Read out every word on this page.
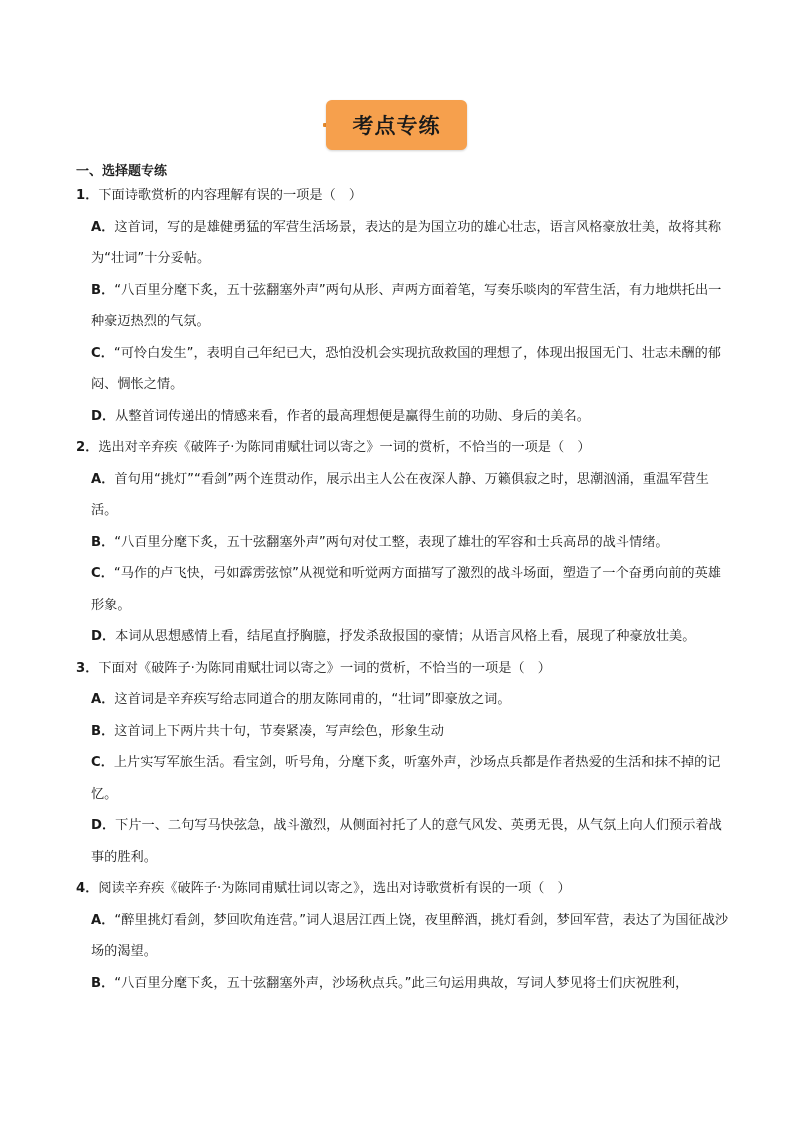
考点专练
一、选择题专练
1．下面诗歌赏析的内容理解有误的一项是（　）
A．这首词，写的是雄健勇猛的军营生活场景，表达的是为国立功的雄心壮志，语言风格豪放壮美，故将其称为“壮词”十分妥帖。
B．“八百里分麾下炙，五十弦翻塞外声”两句从形、声两方面着笔，写奏乐啖肉的军营生活，有力地烘托出一种豪迈热烈的气氛。
C．“可怜白发生”，表明自己年纪已大，恐怕没机会实现抗敌救国的理想了，体现出报国无门、壮志未酬的郁闷、惆怅之情。
D．从整首词传递出的情感来看，作者的最高理想便是赢得生前的功勋、身后的美名。
2．选出对辛弃疾《破阵子·为陈同甫赋壮词以寄之》一词的赏析，不恰当的一项是（　）
A．首句用“挑灯”“看剑”两个连贯动作，展示出主人公在夜深人静、万籁俱寂之时，思潮汹涌，重温军营生活。
B．“八百里分麾下炙，五十弦翻塞外声”两句对仗工整，表现了雄壮的军容和士兵高昂的战斗情绪。
C．“马作的卢飞快，弓如霹雳弦惊”从视觉和听觉两方面描写了激烈的战斗场面，塑造了一个奋勇向前的英雄形象。
D．本词从思想感情上看，结尾直抒胸臆，抒发杀敌报国的豪情；从语言风格上看，展现了种豪放壮美。
3．下面对《破阵子·为陈同甫赋壮词以寄之》一词的赏析，不恰当的一项是（　）
A．这首词是辛弃疾写给志同道合的朋友陈同甫的，“壮词”即豪放之词。
B．这首词上下两片共十句，节奏紧凑，写声绘色，形象生动
C．上片实写军旅生活。看宝剑，听号角，分麾下炙，听塞外声，沙场点兵都是作者热爱的生活和抹不掉的记忆。
D．下片一、二句写马快弦急，战斗激烈，从侧面衬托了人的意气风发、英勇无畏，从气氛上向人们预示着战事的胜利。
4．阅读辛弃疾《破阵子·为陈同甫赋壮词以寄之》，选出对诗歌赏析有误的一项（　）
A．“醉里挑灯看剑，梦回吹角连营。”词人退居江西上饶，夜里醉酒，挑灯看剑，梦回军营，表达了为国征战沙场的渴望。
B．“八百里分麾下炙，五十弦翻塞外声，沙场秋点兵。”此三句运用典故，写词人梦见将士们庆祝胜利，
